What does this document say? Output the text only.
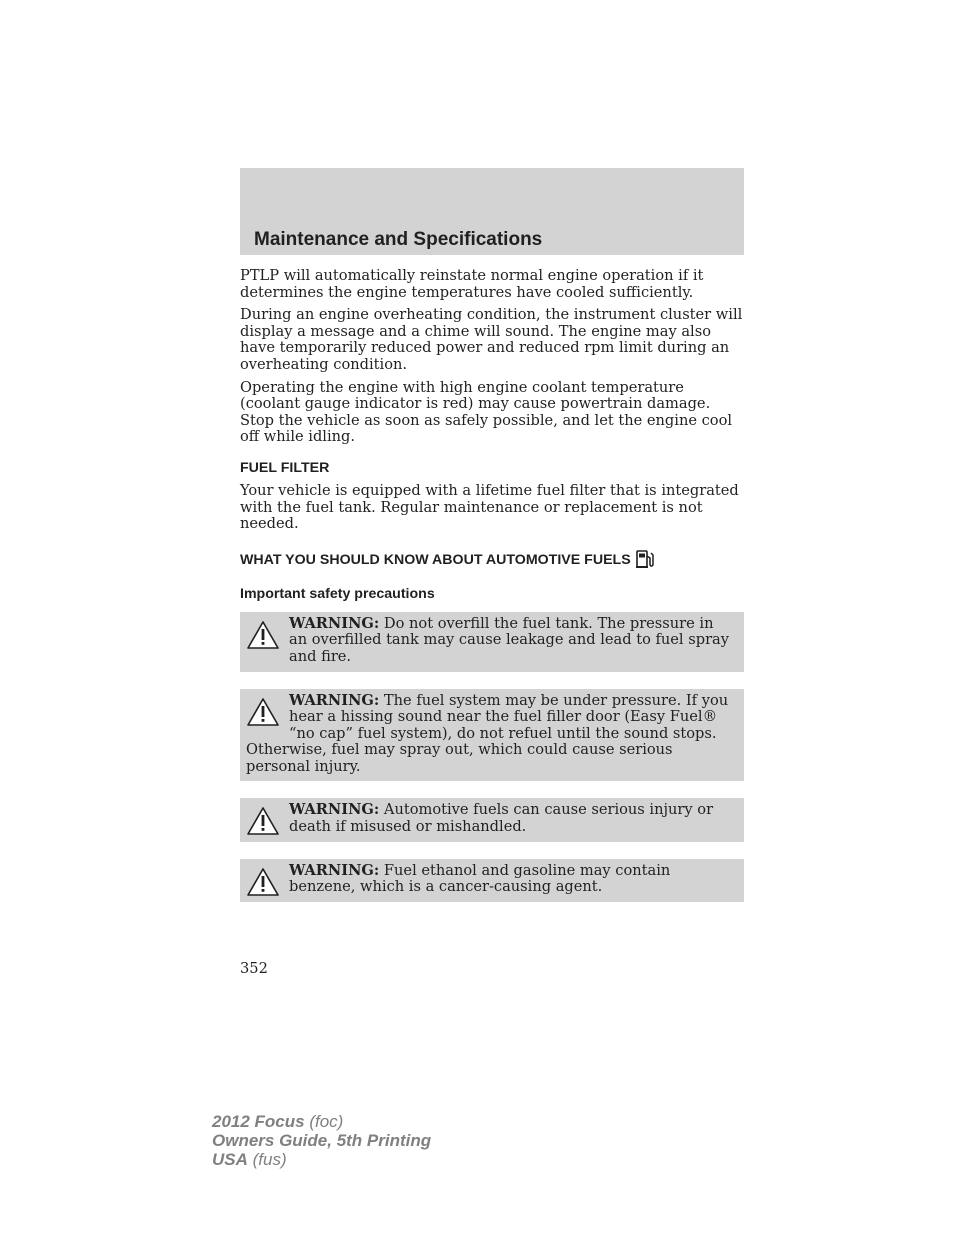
Maintenance and Specifications

PTLP will automatically reinstate normal engine operation if it determines the engine temperatures have cooled sufficiently.

During an engine overheating condition, the instrument cluster will display a message and a chime will sound. The engine may also have temporarily reduced power and reduced rpm limit during an overheating condition.

Operating the engine with high engine coolant temperature (coolant gauge indicator is red) may cause powertrain damage. Stop the vehicle as soon as safely possible, and let the engine cool off while idling.

FUEL FILTER

Your vehicle is equipped with a lifetime fuel filter that is integrated with the fuel tank. Regular maintenance or replacement is not needed.

WHAT YOU SHOULD KNOW ABOUT AUTOMOTIVE FUELS
Important safety precautions
WARNING: Do not overfill the fuel tank. The pressure in an overfilled tank may cause leakage and lead to fuel spray and fire.
WARNING: The fuel system may be under pressure. If you hear a hissing sound near the fuel filler door (Easy Fuel® “no cap” fuel system), do not refuel until the sound stops. Otherwise, fuel may spray out, which could cause serious personal injury.
WARNING: Automotive fuels can cause serious injury or death if misused or mishandled.
WARNING: Fuel ethanol and gasoline may contain benzene, which is a cancer-causing agent.

352

2012 Focus (foc)
Owners Guide, 5th Printing
USA (fus)
